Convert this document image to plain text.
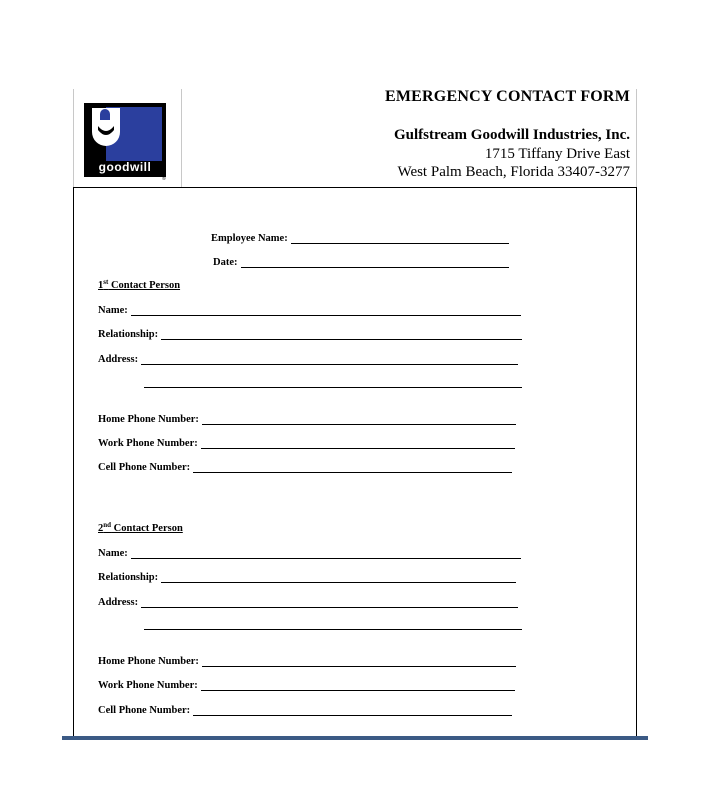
goodwill
®
EMERGENCY CONTACT FORM
Gulfstream Goodwill Industries, Inc.
1715 Tiffany Drive East
West Palm Beach, Florida 33407-3277
Employee Name:
Date:
1st Contact Person
Name:
Relationship:
Address:
Home Phone Number:
Work Phone Number:
Cell Phone Number:
2nd Contact Person
Name:
Relationship:
Address:
Home Phone Number:
Work Phone Number:
Cell Phone Number:
